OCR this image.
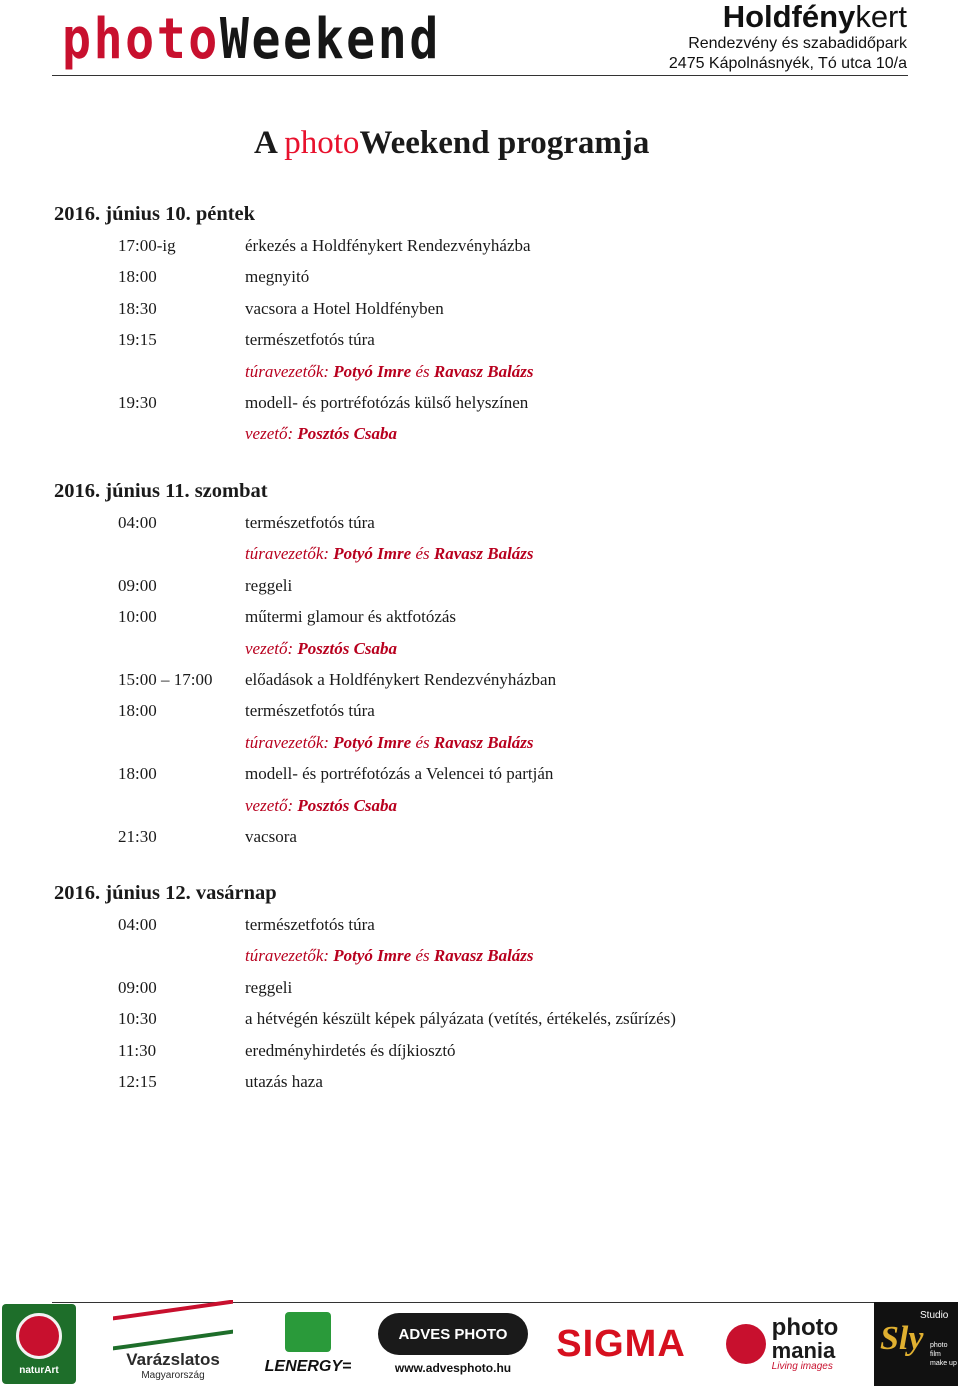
photoWeekend	Holdfénykert
Rendezvény és szabadidőpark
2475 Kápolnásnyék, Tó utca 10/a
A photoWeekend programja
2016. június 10. péntek
17:00-ig	érkezés a Holdfénykert Rendezvényházba
18:00	megnyitó
18:30	vacsora a Hotel Holdfényben
19:15	természetfotós túra
túravezetők: Potyó Imre és Ravasz Balázs
19:30	modell- és portréfotózás külső helyszínen
vezető: Posztós Csaba
2016. június 11. szombat
04:00	természetfotós túra
túravezetők: Potyó Imre és Ravasz Balázs
09:00	reggeli
10:00	műtermi glamour és aktfotózás
vezető: Posztós Csaba
15:00 – 17:00 előadások a Holdfénykert Rendezvényházban
18:00	természetfotós túra
túravezetők: Potyó Imre és Ravasz Balázs
18:00	modell- és portréfotózás a Velencei tó partján
vezető: Posztós Csaba
21:30	vacsora
2016. június 12. vasárnap
04:00	természetfotós túra
túravezetők: Potyó Imre és Ravasz Balázs
09:00	reggeli
10:30	a hétvégén készült képek pályázata (vetítés, értékelés, zsűrízés)
11:30	eredményhirdetés és díjkiosztó
12:15	utazás haza
naturArt
Varázslatos
Magyarország	LENERGY=
ADVES PHOTO
www.advesphoto.hu
SIGMA	photo
mania
Living images
Sly
Studio
photo
film
make up
